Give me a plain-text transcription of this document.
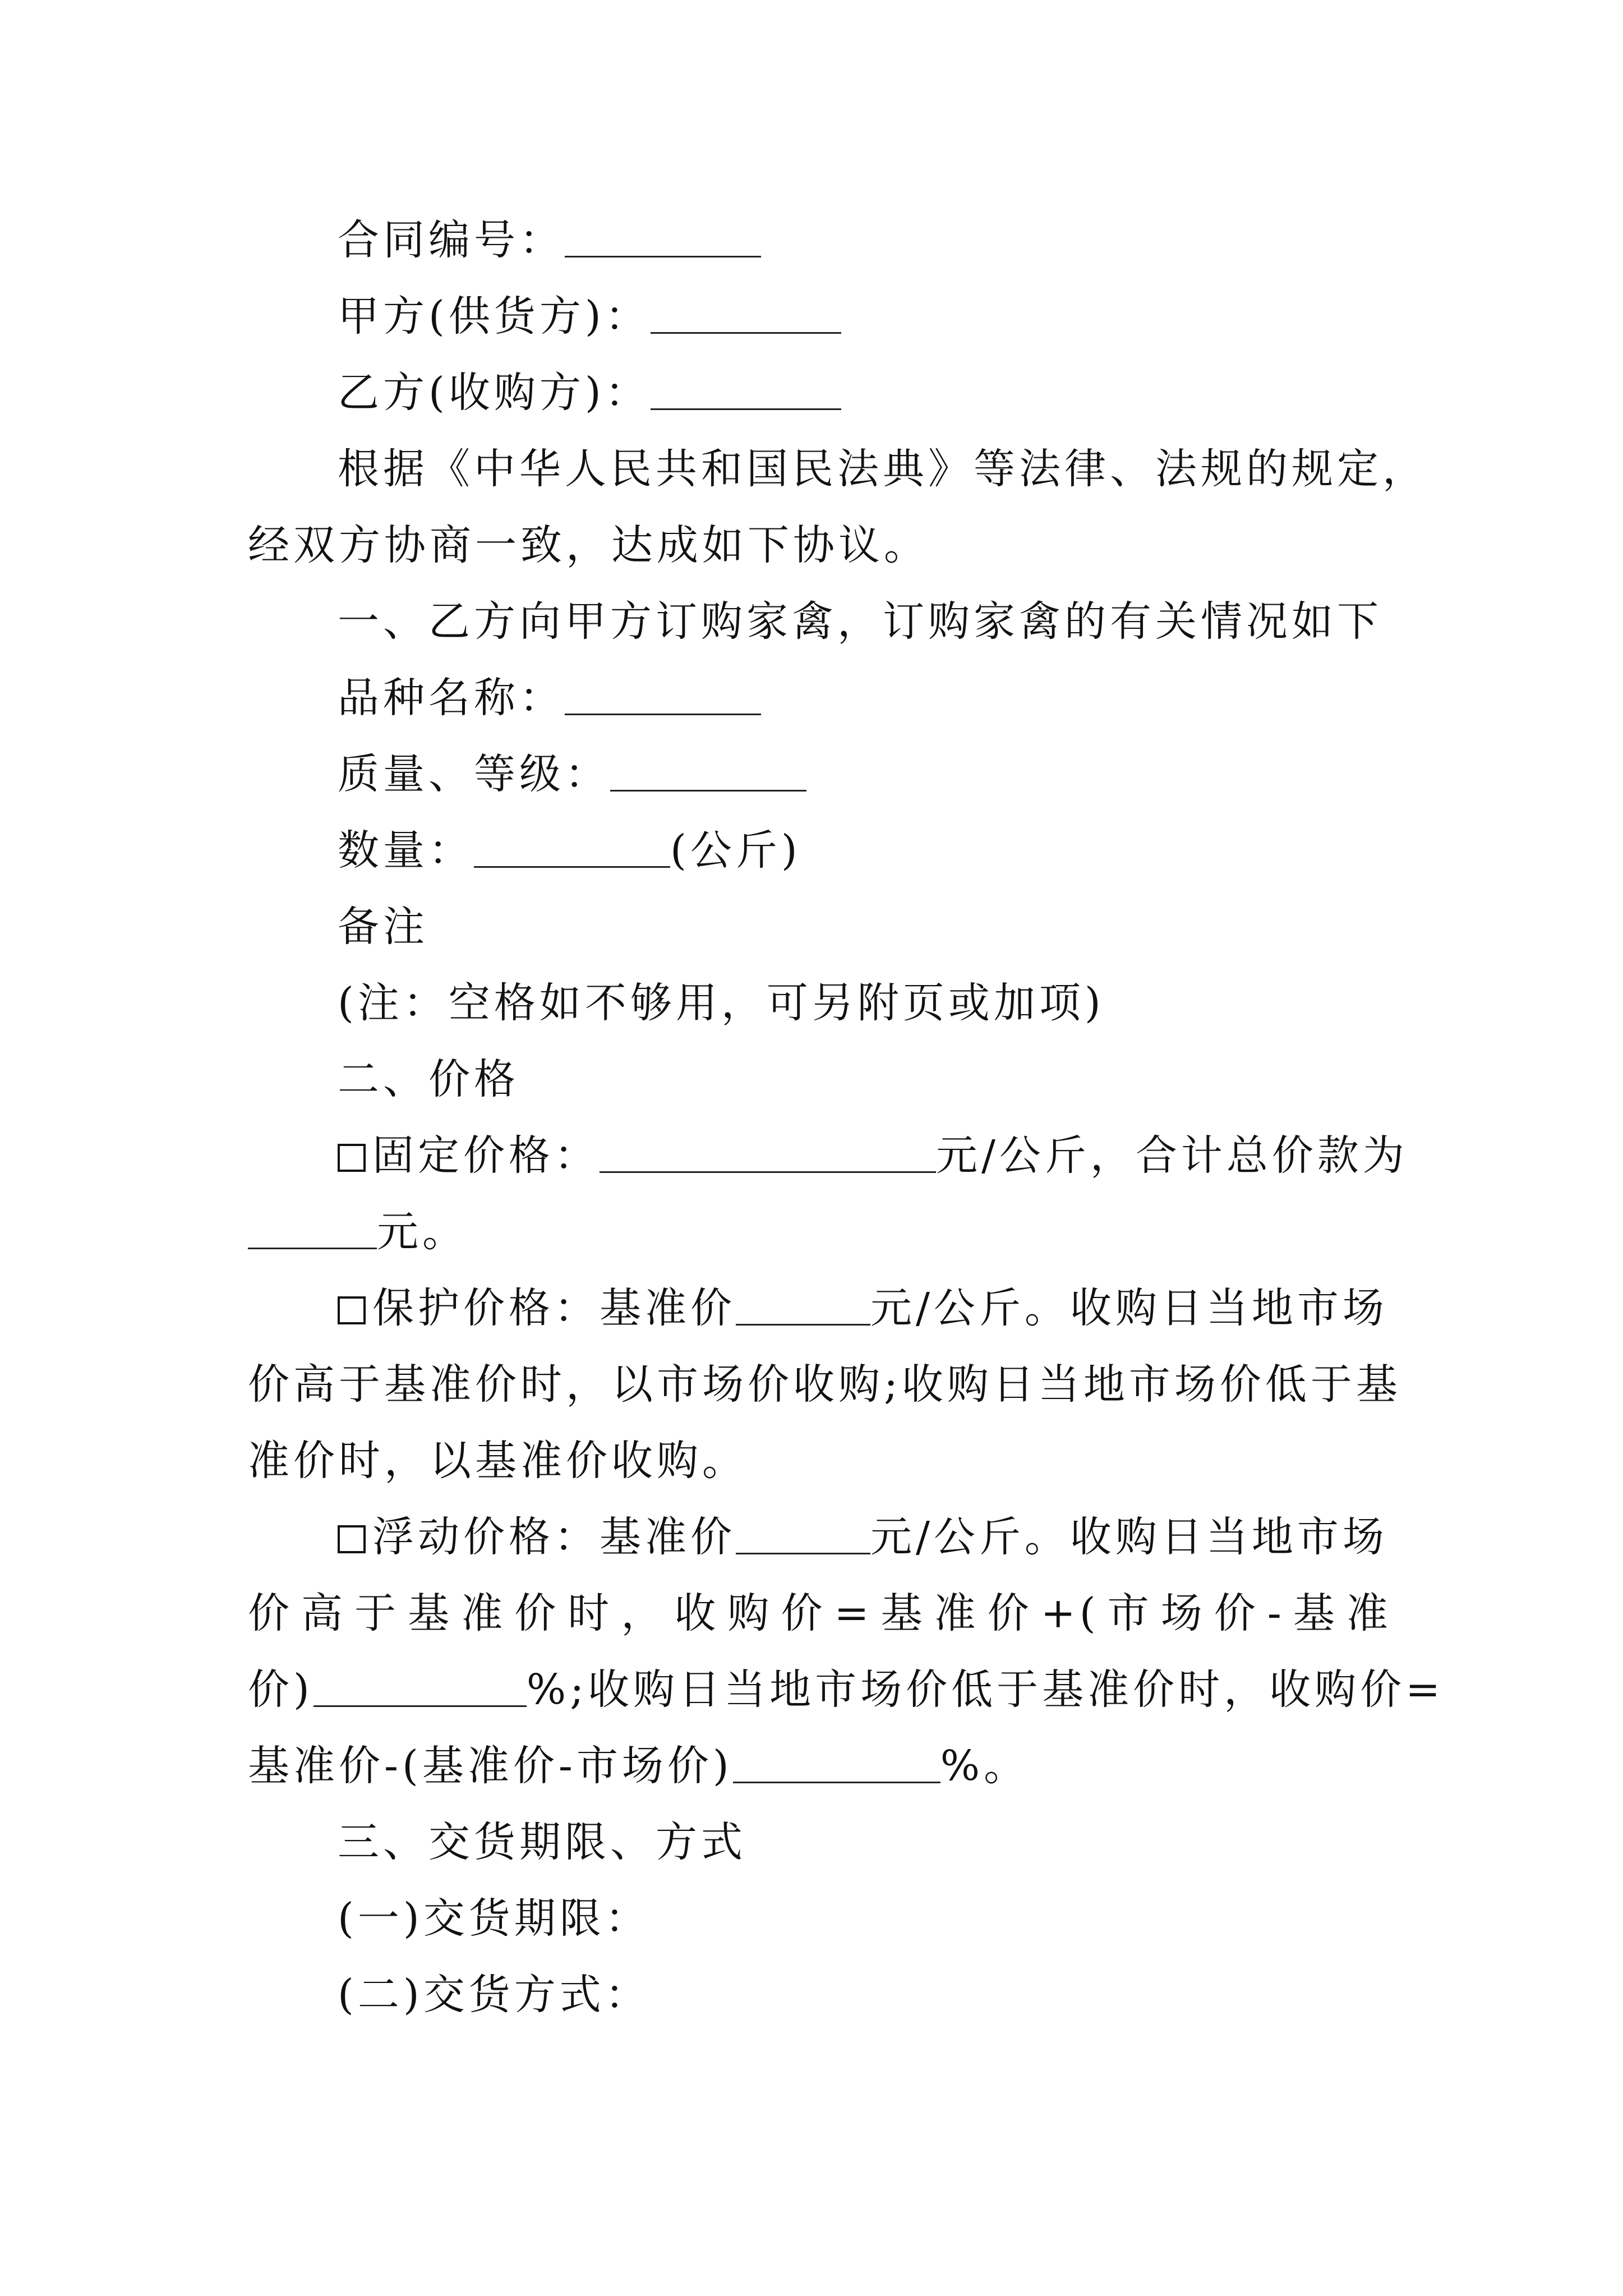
合同编号：
甲方(供货方)：
乙方(收购方)：
根据《中华人民共和国民法典》等法律、法规的规定，
经双方协商一致，达成如下协议。
一、乙方向甲方订购家禽，订购家禽的有关情况如下
品种名称：
质量、等级：
数量：	(公斤)
备注
(注：空格如不够用，可另附页或加项)
二、价格
固定价格：	元/公斤，合计总价款为
元。
保护价格：基准价	元/公斤。收购日当地市场
价高于基准价时，以市场价收购;收购日当地市场价低于基
准价时，以基准价收购。
浮动价格：基准价	元/公斤。收购日当地市场
价 高 于 基 准 价 时 ， 收 购 价 = 基 准 价 +( 市 场 价 - 基 准
价)	%;收购日当地市场价低于基准价时，收购价=
基准价-(基准价-市场价)	%。
三、交货期限、方式
(一)交货期限：
(二)交货方式：
